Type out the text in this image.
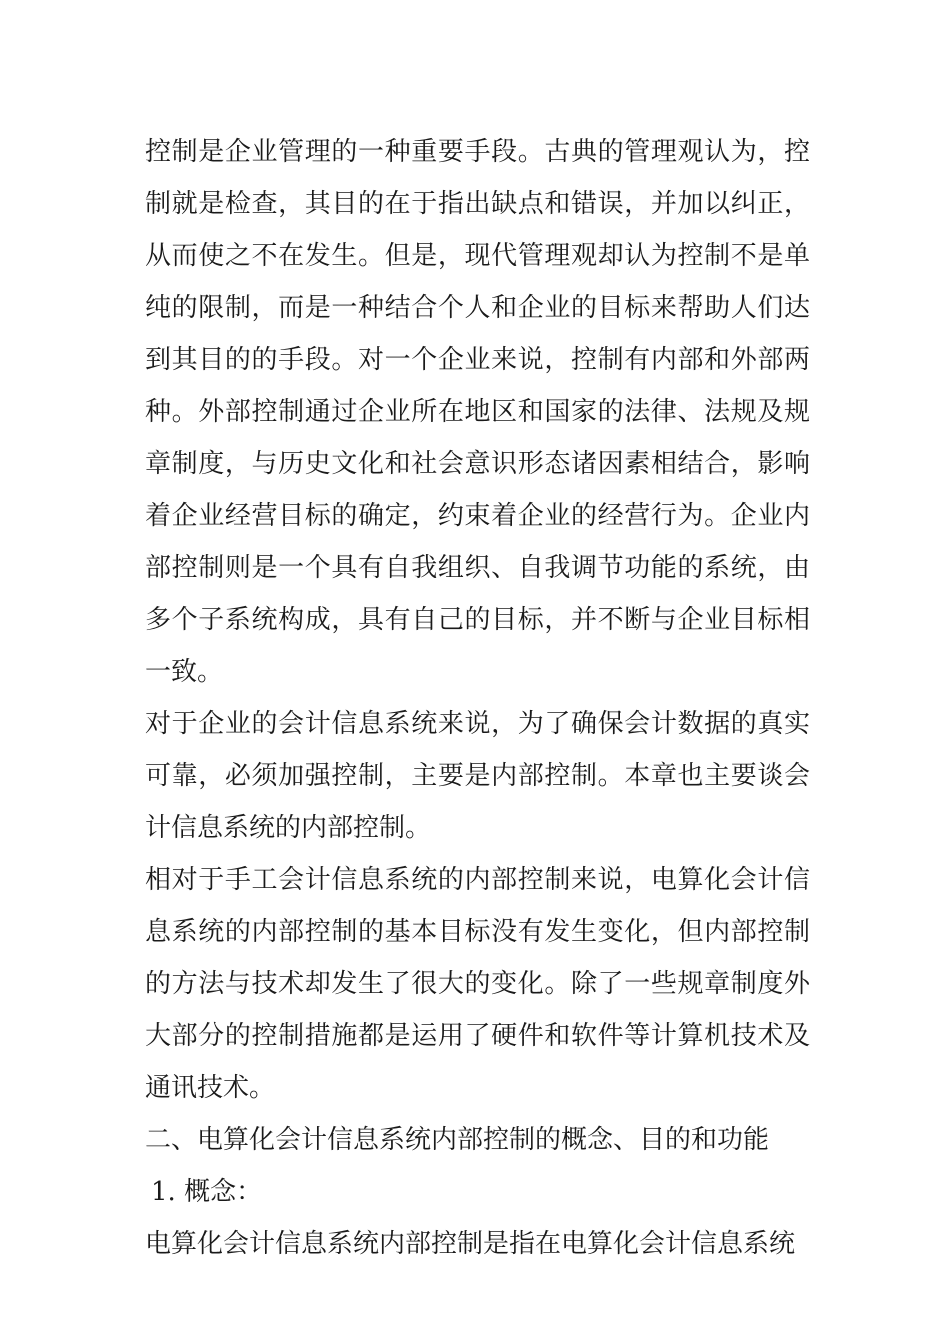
控制是企业管理的一种重要手段。古典的管理观认为，控制就是检查，其目的在于指出缺点和错误，并加以纠正，从而使之不在发生。但是，现代管理观却认为控制不是单纯的限制，而是一种结合个人和企业的目标来帮助人们达到其目的的手段。对一个企业来说，控制有内部和外部两种。外部控制通过企业所在地区和国家的法律、法规及规章制度，与历史文化和社会意识形态诸因素相结合，影响着企业经营目标的确定，约束着企业的经营行为。企业内部控制则是一个具有自我组织、自我调节功能的系统，由多个子系统构成，具有自己的目标，并不断与企业目标相一致。

对于企业的会计信息系统来说，为了确保会计数据的真实可靠，必须加强控制，主要是内部控制。本章也主要谈会计信息系统的内部控制。

相对于手工会计信息系统的内部控制来说，电算化会计信息系统的内部控制的基本目标没有发生变化，但内部控制的方法与技术却发生了很大的变化。除了一些规章制度外大部分的控制措施都是运用了硬件和软件等计算机技术及通讯技术。

二、电算化会计信息系统内部控制的概念、目的和功能

1. 概念：

电算化会计信息系统内部控制是指在电算化会计信息系统
